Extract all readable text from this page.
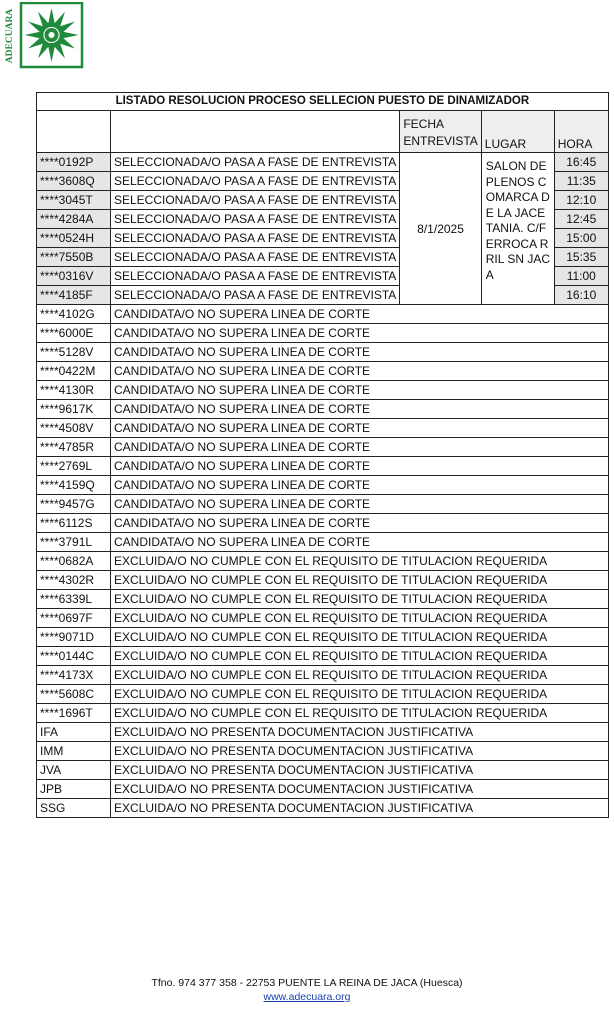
ADECUARA
LISTADO RESOLUCION PROCESO SELLECION PUESTO DE DINAMIZADOR				
		FECHA ENTREVISTA	LUGAR	HORA
****0192P	SELECCIONADA/O PASA A FASE DE ENTREVISTA	8/1/2025	SALON DE PLENOS COMARCA DE LA JACETANIA. C/FERROCA RRIL SN JACA	16:45
****3608Q	SELECCIONADA/O PASA A FASE DE ENTREVISTA			11:35
****3045T	SELECCIONADA/O PASA A FASE DE ENTREVISTA			12:10
****4284A	SELECCIONADA/O PASA A FASE DE ENTREVISTA			12:45
****0524H	SELECCIONADA/O PASA A FASE DE ENTREVISTA			15:00
****7550B	SELECCIONADA/O PASA A FASE DE ENTREVISTA			15:35
****0316V	SELECCIONADA/O PASA A FASE DE ENTREVISTA			11:00
****4185F	SELECCIONADA/O PASA A FASE DE ENTREVISTA			16:10
****4102G	CANDIDATA/O NO SUPERA LINEA DE CORTE			
****6000E	CANDIDATA/O NO SUPERA LINEA DE CORTE			
****5128V	CANDIDATA/O NO SUPERA LINEA DE CORTE			
****0422M	CANDIDATA/O NO SUPERA LINEA DE CORTE			
****4130R	CANDIDATA/O NO SUPERA LINEA DE CORTE			
****9617K	CANDIDATA/O NO SUPERA LINEA DE CORTE			
****4508V	CANDIDATA/O NO SUPERA LINEA DE CORTE			
****4785R	CANDIDATA/O NO SUPERA LINEA DE CORTE			
****2769L	CANDIDATA/O NO SUPERA LINEA DE CORTE			
****4159Q	CANDIDATA/O NO SUPERA LINEA DE CORTE			
****9457G	CANDIDATA/O NO SUPERA LINEA DE CORTE			
****6112S	CANDIDATA/O NO SUPERA LINEA DE CORTE			
****3791L	CANDIDATA/O NO SUPERA LINEA DE CORTE			
****0682A	EXCLUIDA/O NO CUMPLE CON EL REQUISITO DE TITULACION REQUERIDA			
****4302R	EXCLUIDA/O NO CUMPLE CON EL REQUISITO DE TITULACION REQUERIDA			
****6339L	EXCLUIDA/O NO CUMPLE CON EL REQUISITO DE TITULACION REQUERIDA			
****0697F	EXCLUIDA/O NO CUMPLE CON EL REQUISITO DE TITULACION REQUERIDA			
****9071D	EXCLUIDA/O NO CUMPLE CON EL REQUISITO DE TITULACION REQUERIDA			
****0144C	EXCLUIDA/O NO CUMPLE CON EL REQUISITO DE TITULACION REQUERIDA			
****4173X	EXCLUIDA/O NO CUMPLE CON EL REQUISITO DE TITULACION REQUERIDA			
****5608C	EXCLUIDA/O NO CUMPLE CON EL REQUISITO DE TITULACION REQUERIDA			
****1696T	EXCLUIDA/O NO CUMPLE CON EL REQUISITO DE TITULACION REQUERIDA			
IFA	EXCLUIDA/O NO PRESENTA DOCUMENTACION JUSTIFICATIVA			
IMM	EXCLUIDA/O NO PRESENTA DOCUMENTACION JUSTIFICATIVA			
JVA	EXCLUIDA/O NO PRESENTA DOCUMENTACION JUSTIFICATIVA			
JPB	EXCLUIDA/O NO PRESENTA DOCUMENTACION JUSTIFICATIVA			
SSG	EXCLUIDA/O NO PRESENTA DOCUMENTACION JUSTIFICATIVA			
Tfno. 974 377 358 - 22753 PUENTE LA REINA DE JACA (Huesca)
www.adecuara.org
